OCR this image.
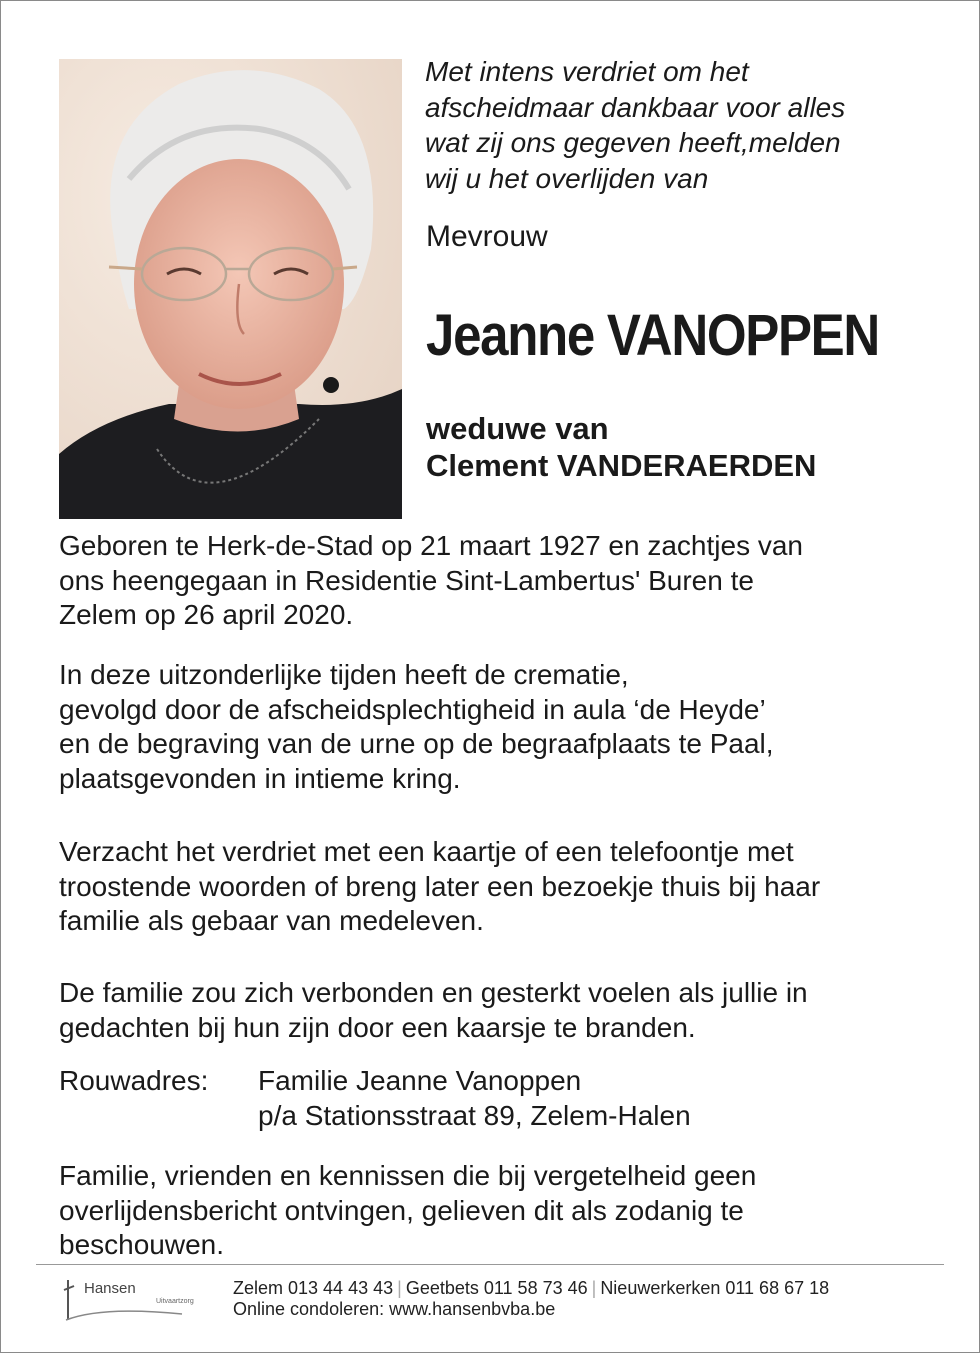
Met intens verdriet om het
afscheidmaar dankbaar voor alles
wat zij ons gegeven heeft,melden
wij u het overlijden van
Mevrouw
Jeanne VANOPPEN
weduwe van
Clement VANDERAERDEN
Geboren te Herk-de-Stad op 21 maart 1927 en zachtjes van
ons heengegaan in Residentie Sint-Lambertus' Buren te
Zelem op 26 april 2020.
In deze uitzonderlijke tijden heeft de crematie,
gevolgd door de afscheidsplechtigheid in aula ‘de Heyde’
en de begraving van de urne op de begraafplaats te Paal,
plaatsgevonden in intieme kring.
Verzacht het verdriet met een kaartje of een telefoontje met
troostende woorden of breng later een bezoekje thuis bij haar
familie als gebaar van medeleven.
De familie zou zich verbonden en gesterkt voelen als jullie in
gedachten bij hun zijn door een kaarsje te branden.
Rouwadres: Familie Jeanne Vanoppen
p/a Stationsstraat 89, Zelem-Halen
Familie, vrienden en kennissen die bij vergetelheid geen
overlijdensbericht ontvingen, gelieven dit als zodanig te
beschouwen.
Hansen
Uitvaartzorg
Zelem 013 44 43 43 | Geetbets 011 58 73 46 | Nieuwerkerken 011 68 67 18
Online condoleren: www.hansenbvba.be
